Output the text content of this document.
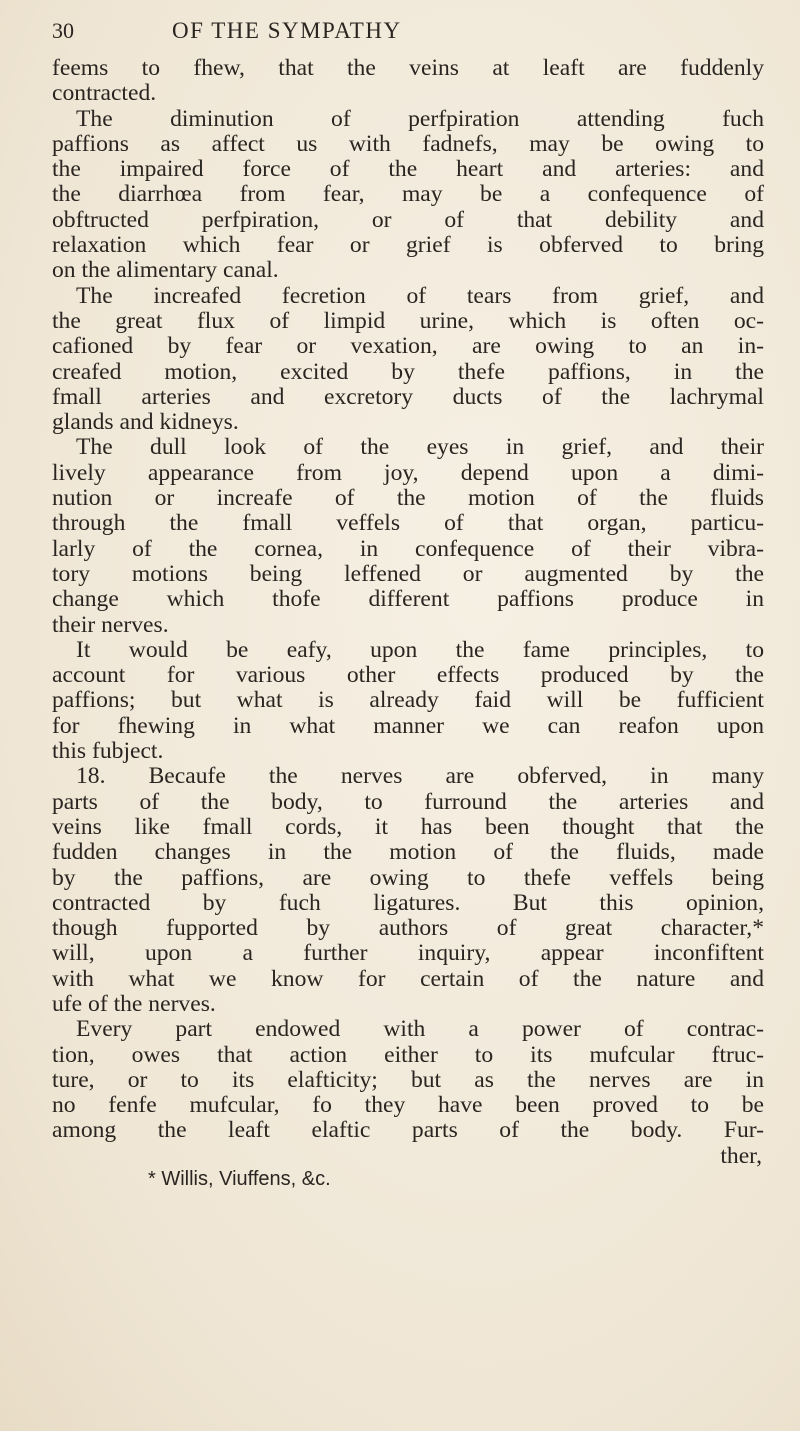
30	OF THE SYMPATHY
feems to fhew, that the veins at leaft are fuddenly
contracted.
The diminution of perfpiration attending fuch
paffions as affect us with fadnefs, may be owing to
the impaired force of the heart and arteries: and
the diarrhœa from fear, may be a confequence of
obftructed perfpiration, or of that debility and
relaxation which fear or grief is obferved to bring
on the alimentary canal.
The increafed fecretion of tears from grief, and
the great flux of limpid urine, which is often oc-
cafioned by fear or vexation, are owing to an in-
creafed motion, excited by thefe paffions, in the
fmall arteries and excretory ducts of the lachrymal
glands and kidneys.
The dull look of the eyes in grief, and their
lively appearance from joy, depend upon a dimi-
nution or increafe of the motion of the fluids
through the fmall veffels of that organ, particu-
larly of the cornea, in confequence of their vibra-
tory motions being leffened or augmented by the
change which thofe different paffions produce in
their nerves.
It would be eafy, upon the fame principles, to
account for various other effects produced by the
paffions; but what is already faid will be fufficient
for fhewing in what manner we can reafon upon
this fubject.
18. Becaufe the nerves are obferved, in many
parts of the body, to furround the arteries and
veins like fmall cords, it has been thought that the
fudden changes in the motion of the fluids, made
by the paffions, are owing to thefe veffels being
contracted by fuch ligatures. But this opinion,
though fupported by authors of great character,*
will, upon a further inquiry, appear inconfiftent
with what we know for certain of the nature and
ufe of the nerves.
Every part endowed with a power of contrac-
tion, owes that action either to its mufcular ftruc-
ture, or to its elafticity; but as the nerves are in
no fenfe mufcular, fo they have been proved to be
among the leaft elaftic parts of the body. Fur-
ther,
* Willis, Viuffens, &c.
